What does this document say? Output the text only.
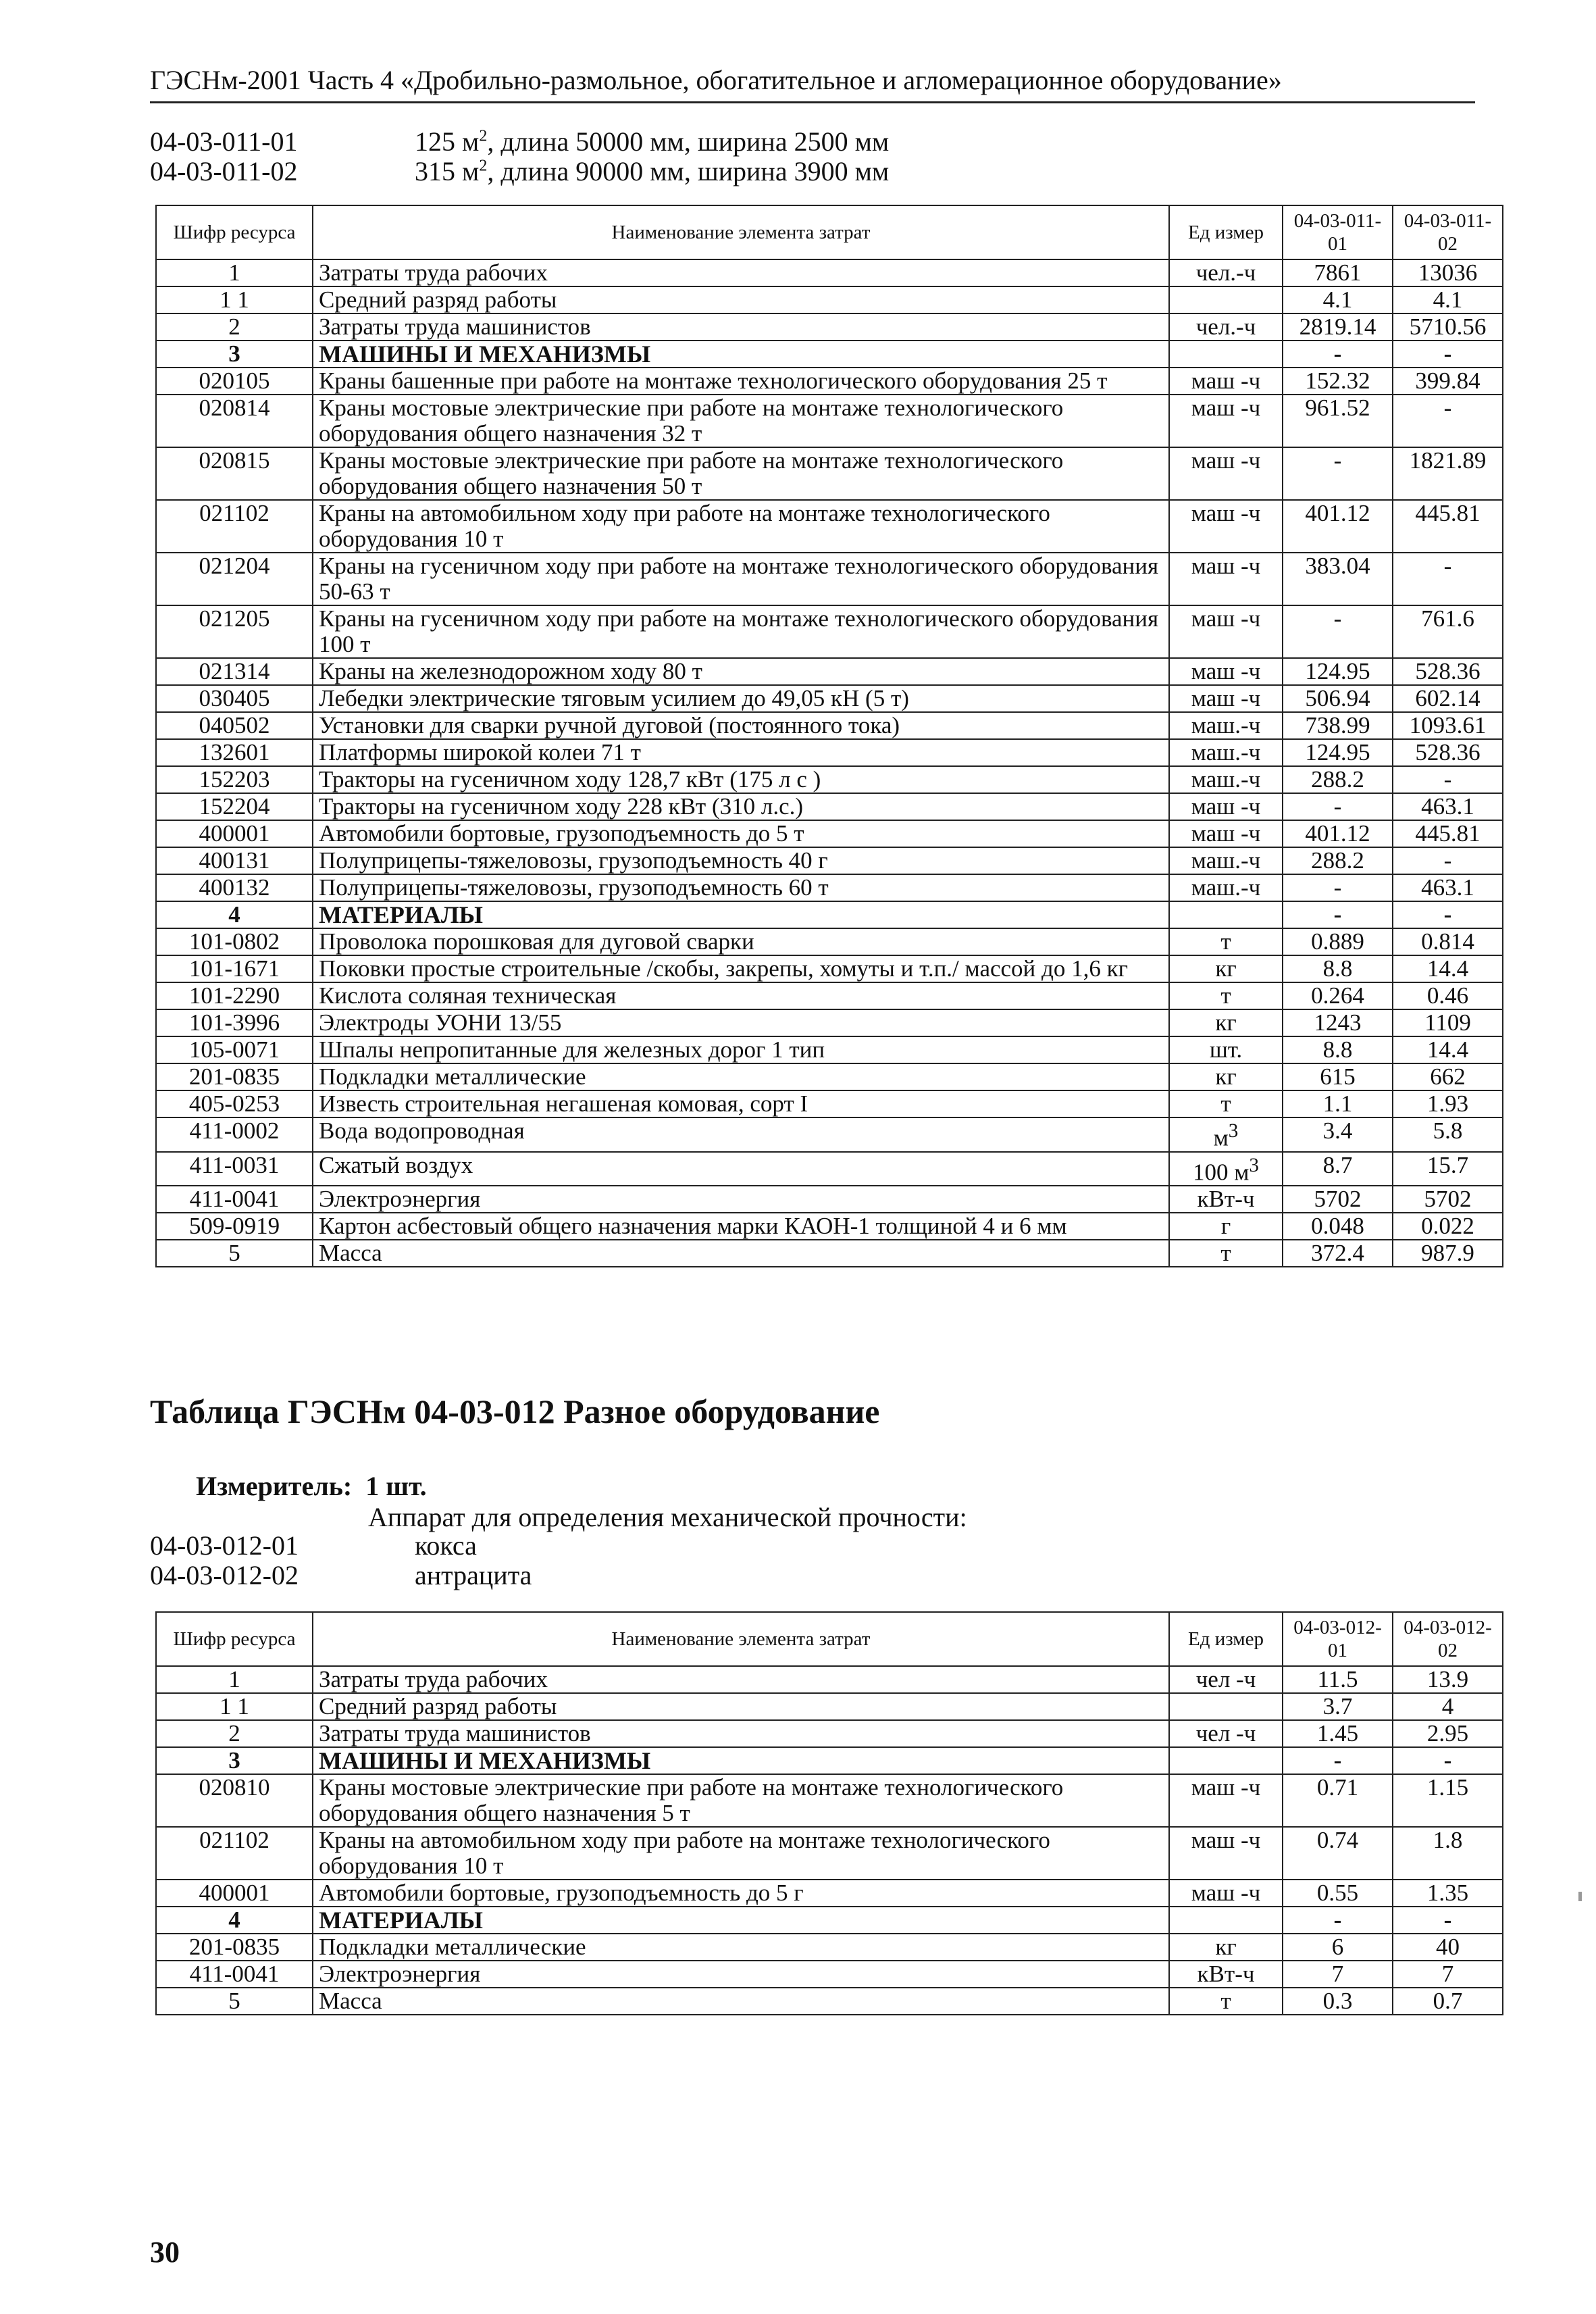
ГЭСНм-2001 Часть 4 «Дробильно-размольное, обогатительное и агломерационное оборудование»
04-03-011-01	125 $м^2$, длина 50000 мм, ширина 2500 мм
04-03-011-02	315 $м^2$, длина 90000 мм, ширина 3900 мм
Шифр ресурса	Наименование элемента затрат	Ед измер	04-03-011-01	04-03-011-02
1	Затраты труда рабочих	чел.-ч	7861	13036
1 1	Средний разряд работы		4.1	4.1
2	Затраты труда машинистов	чел.-ч	2819.14	5710.56
3	МАШИНЫ И МЕХАНИЗМЫ		-	-
020105	Краны башенные при работе на монтаже технологического оборудования 25 т	маш -ч	152.32	399.84
020814	Краны мостовые электрические при работе на монтаже технологического оборудования общего назначения 32 т	маш -ч	961.52	-
020815	Краны мостовые электрические при работе на монтаже технологического оборудования общего назначения 50 т	маш -ч	-	1821.89
021102	Краны на автомобильном ходу при работе на монтаже технологического оборудования 10 т	маш -ч	401.12	445.81
021204	Краны на гусеничном ходу при работе на монтаже технологического оборудования 50-63 т	маш -ч	383.04	-
021205	Краны на гусеничном ходу при работе на монтаже технологического оборудования 100 т	маш -ч	-	761.6
021314	Краны на железнодорожном ходу 80 т	маш -ч	124.95	528.36
030405	Лебедки электрические тяговым усилием до 49,05 кН (5 т)	маш -ч	506.94	602.14
040502	Установки для сварки ручной дуговой (постоянного тока)	маш.-ч	738.99	1093.61
132601	Платформы широкой колеи 71 т	маш.-ч	124.95	528.36
152203	Тракторы на гусеничном ходу 128,7 кВт (175 л с )	маш.-ч	288.2	-
152204	Тракторы на гусеничном ходу 228 кВт (310 л.с.)	маш -ч	-	463.1
400001	Автомобили бортовые, грузоподъемность до 5 т	маш -ч	401.12	445.81
400131	Полуприцепы-тяжеловозы, грузоподъемность 40 г	маш.-ч	288.2	-
400132	Полуприцепы-тяжеловозы, грузоподъемность 60 т	маш.-ч	-	463.1
4	МАТЕРИАЛЫ		-	-
101-0802	Проволока порошковая для дуговой сварки	т	0.889	0.814
101-1671	Поковки простые строительные /скобы, закрепы, хомуты и т.п./ массой до 1,6 кг	кг	8.8	14.4
101-2290	Кислота соляная техническая	т	0.264	0.46
101-3996	Электроды УОНИ 13/55	кг	1243	1109
105-0071	Шпалы непропитанные для железных дорог 1 тип	шт.	8.8	14.4
201-0835	Подкладки металлические	кг	615	662
405-0253	Известь строительная негашеная комовая, сорт I	т	1.1	1.93
411-0002	Вода водопроводная	$м^3$	3.4	5.8
411-0031	Сжатый воздух	100 $м^3$	8.7	15.7
411-0041	Электроэнергия	кВт-ч	5702	5702
509-0919	Картон асбестовый общего назначения марки КАОН-1 толщиной 4 и 6 мм	г	0.048	0.022
5	Масса	т	372.4	987.9
Таблица ГЭСНм 04-03-012 Разное оборудование
Измеритель: 1 шт.
Аппарат для определения механической прочности:
04-03-012-01	кокса
04-03-012-02	антрацита
Шифр ресурса	Наименование элемента затрат	Ед измер	04-03-012-01	04-03-012-02
1	Затраты труда рабочих	чел -ч	11.5	13.9
1 1	Средний разряд работы		3.7	4
2	Затраты труда машинистов	чел -ч	1.45	2.95
3	МАШИНЫ И МЕХАНИЗМЫ		-	-
020810	Краны мостовые электрические при работе на монтаже технологического оборудования общего назначения 5 т	маш -ч	0.71	1.15
021102	Краны на автомобильном ходу при работе на монтаже технологического оборудования 10 т	маш -ч	0.74	1.8
400001	Автомобили бортовые, грузоподъемность до 5 г	маш -ч	0.55	1.35
4	МАТЕРИАЛЫ		-	-
201-0835	Подкладки металлические	кг	6	40
411-0041	Электроэнергия	кВт-ч	7	7
5	Масса	т	0.3	0.7
30
